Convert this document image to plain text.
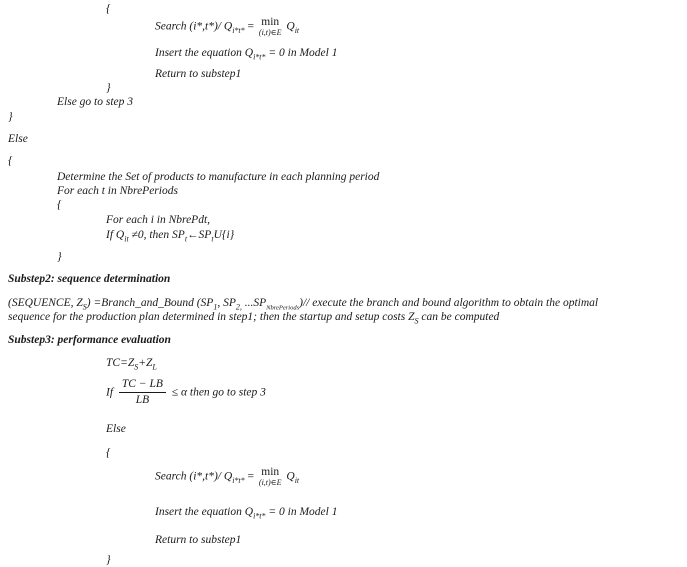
{
Search (i*,t*)/ $Q_{i*t*} = \min$
(i,t)∈E $Q_{it}$
Insert the equation $Q_{i*t*} = 0$ in Model 1
Return to substep1
}
Else go to step 3
}
Else
{
Determine the Set of products to manufacture in each planning period
For each t in NbrePeriods
{
For each i in NbrePdt,
If $Q_{it} \ne 0$, then $SP_t\leftarrow SP_tU\{i\}$
}
Substep2: sequence determination
(SEQUENCE, $Z_S$) =Branch_and_Bound ($SP_1$, $SP_{2,}$ $...SP_{NbrePeriods})//$ execute the branch and bound algorithm to obtain the optimal
sequence for the production plan determined in step1; then the startup and setup costs $Z_S$ can be computed
Substep3: performance evaluation
$TC=Z_S+Z_L$
If $\frac{TC - LB}{LB} \le \alpha$ then go to step 3
Else
{
Search (i*,t*)/ $Q_{i*t*} = \min$
(i,t)∈E $Q_{it}$
Insert the equation $Q_{i*t*} = 0$ in Model 1
Return to substep1
}
